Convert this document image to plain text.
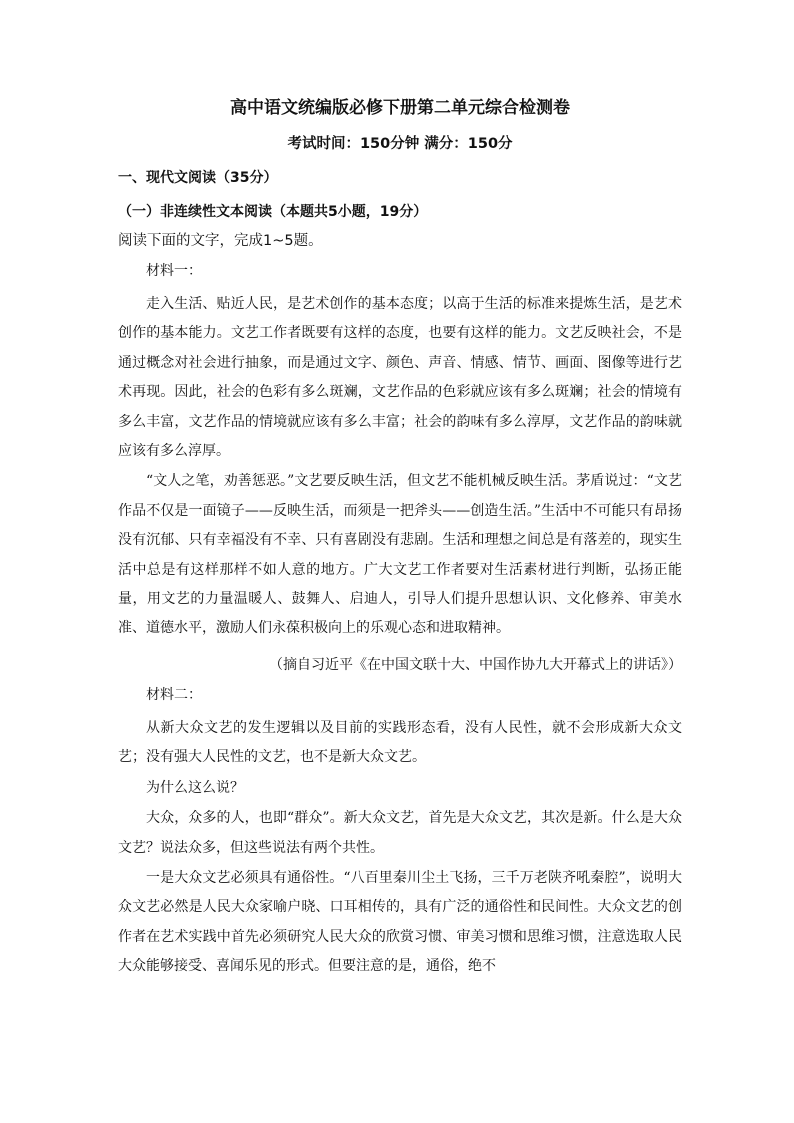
高中语文统编版必修下册第二单元综合检测卷
考试时间：150分钟 满分：150分
一、现代文阅读（35分）
（一）非连续性文本阅读（本题共5小题，19分）
阅读下面的文字，完成1~5题。
材料一：

走入生活、贴近人民，是艺术创作的基本态度；以高于生活的标准来提炼生活，是艺术创作的基本能力。文艺工作者既要有这样的态度，也要有这样的能力。文艺反映社会，不是通过概念对社会进行抽象，而是通过文字、颜色、声音、情感、情节、画面、图像等进行艺术再现。因此，社会的色彩有多么斑斓，文艺作品的色彩就应该有多么斑斓；社会的情境有多么丰富，文艺作品的情境就应该有多么丰富；社会的韵味有多么淳厚，文艺作品的韵味就应该有多么淳厚。

“文人之笔，劝善惩恶。”文艺要反映生活，但文艺不能机械反映生活。茅盾说过：“文艺作品不仅是一面镜子——反映生活，而须是一把斧头——创造生活。”生活中不可能只有昂扬没有沉郁、只有幸福没有不幸、只有喜剧没有悲剧。生活和理想之间总是有落差的，现实生活中总是有这样那样不如人意的地方。广大文艺工作者要对生活素材进行判断，弘扬正能量，用文艺的力量温暖人、鼓舞人、启迪人，引导人们提升思想认识、文化修养、审美水准、道德水平，激励人们永葆积极向上的乐观心态和进取精神。

（摘自习近平《在中国文联十大、中国作协九大开幕式上的讲话》）
材料二：

从新大众文艺的发生逻辑以及目前的实践形态看，没有人民性，就不会形成新大众文艺；没有强大人民性的文艺，也不是新大众文艺。

为什么这么说？

大众，众多的人，也即“群众”。新大众文艺，首先是大众文艺，其次是新。什么是大众文艺？说法众多，但这些说法有两个共性。

一是大众文艺必须具有通俗性。“八百里秦川尘土飞扬，三千万老陕齐吼秦腔”，说明大众文艺必然是人民大众家喻户晓、口耳相传的，具有广泛的通俗性和民间性。大众文艺的创作者在艺术实践中首先必须研究人民大众的欣赏习惯、审美习惯和思维习惯，注意选取人民大众能够接受、喜闻乐见的形式。但要注意的是，通俗，绝不
